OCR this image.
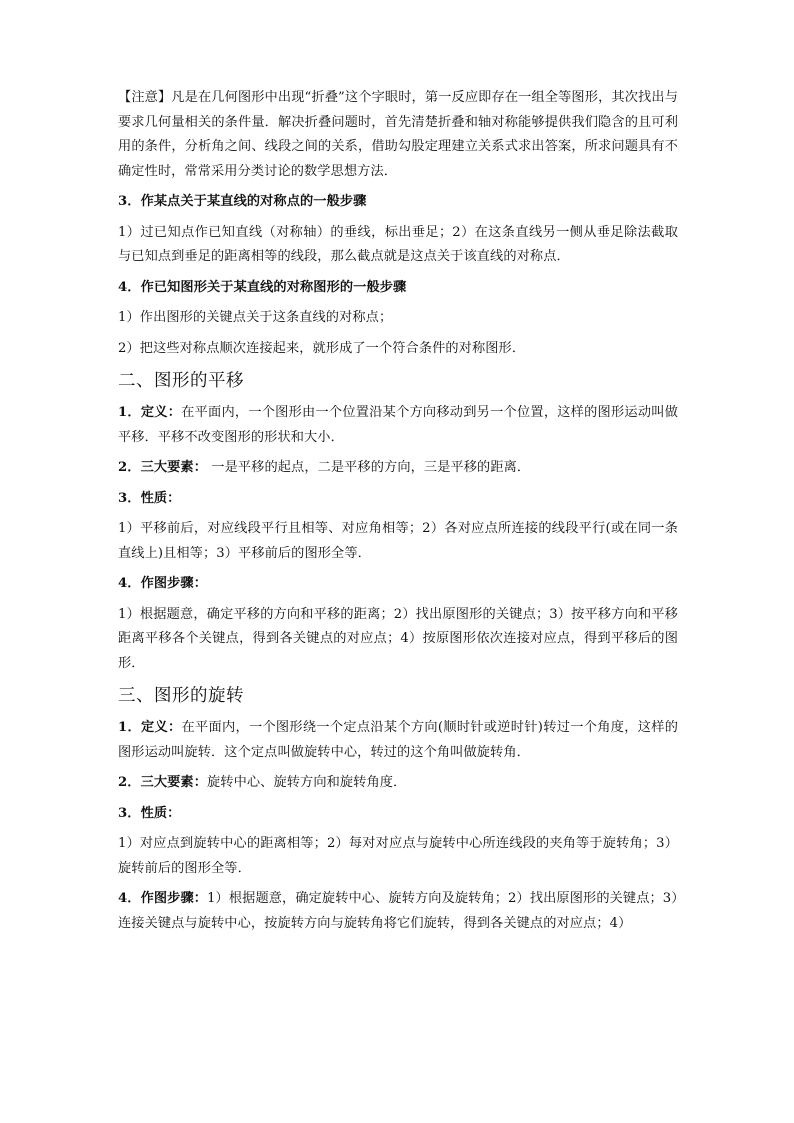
【注意】凡是在几何图形中出现“折叠”这个字眼时，第一反应即存在一组全等图形，其次找出与要求几何量相关的条件量．解决折叠问题时，首先清楚折叠和轴对称能够提供我们隐含的且可利用的条件，分析角之间、线段之间的关系，借助勾股定理建立关系式求出答案，所求问题具有不确定性时，常常采用分类讨论的数学思想方法．

3．作某点关于某直线的对称点的一般步骤

1）过已知点作已知直线（对称轴）的垂线，标出垂足；2）在这条直线另一侧从垂足除法截取与已知点到垂足的距离相等的线段，那么截点就是这点关于该直线的对称点．

4．作已知图形关于某直线的对称图形的一般步骤

1）作出图形的关键点关于这条直线的对称点；

2）把这些对称点顺次连接起来，就形成了一个符合条件的对称图形．

二、图形的平移

1．定义：在平面内，一个图形由一个位置沿某个方向移动到另一个位置，这样的图形运动叫做平移．平移不改变图形的形状和大小．

2．三大要素： 一是平移的起点，二是平移的方向，三是平移的距离．

3．性质：

1）平移前后，对应线段平行且相等、对应角相等；2）各对应点所连接的线段平行(或在同一条直线上)且相等；3）平移前后的图形全等．

4．作图步骤：

1）根据题意，确定平移的方向和平移的距离；2）找出原图形的关键点；3）按平移方向和平移距离平移各个关键点，得到各关键点的对应点；4）按原图形依次连接对应点，得到平移后的图形．

三、图形的旋转

1．定义：在平面内，一个图形绕一个定点沿某个方向(顺时针或逆时针)转过一个角度，这样的图形运动叫旋转．这个定点叫做旋转中心，转过的这个角叫做旋转角．

2．三大要素：旋转中心、旋转方向和旋转角度．

3．性质：

1）对应点到旋转中心的距离相等；2）每对对应点与旋转中心所连线段的夹角等于旋转角；3）旋转前后的图形全等．

4．作图步骤：1）根据题意，确定旋转中心、旋转方向及旋转角；2）找出原图形的关键点；3）连接关键点与旋转中心，按旋转方向与旋转角将它们旋转，得到各关键点的对应点；4）
